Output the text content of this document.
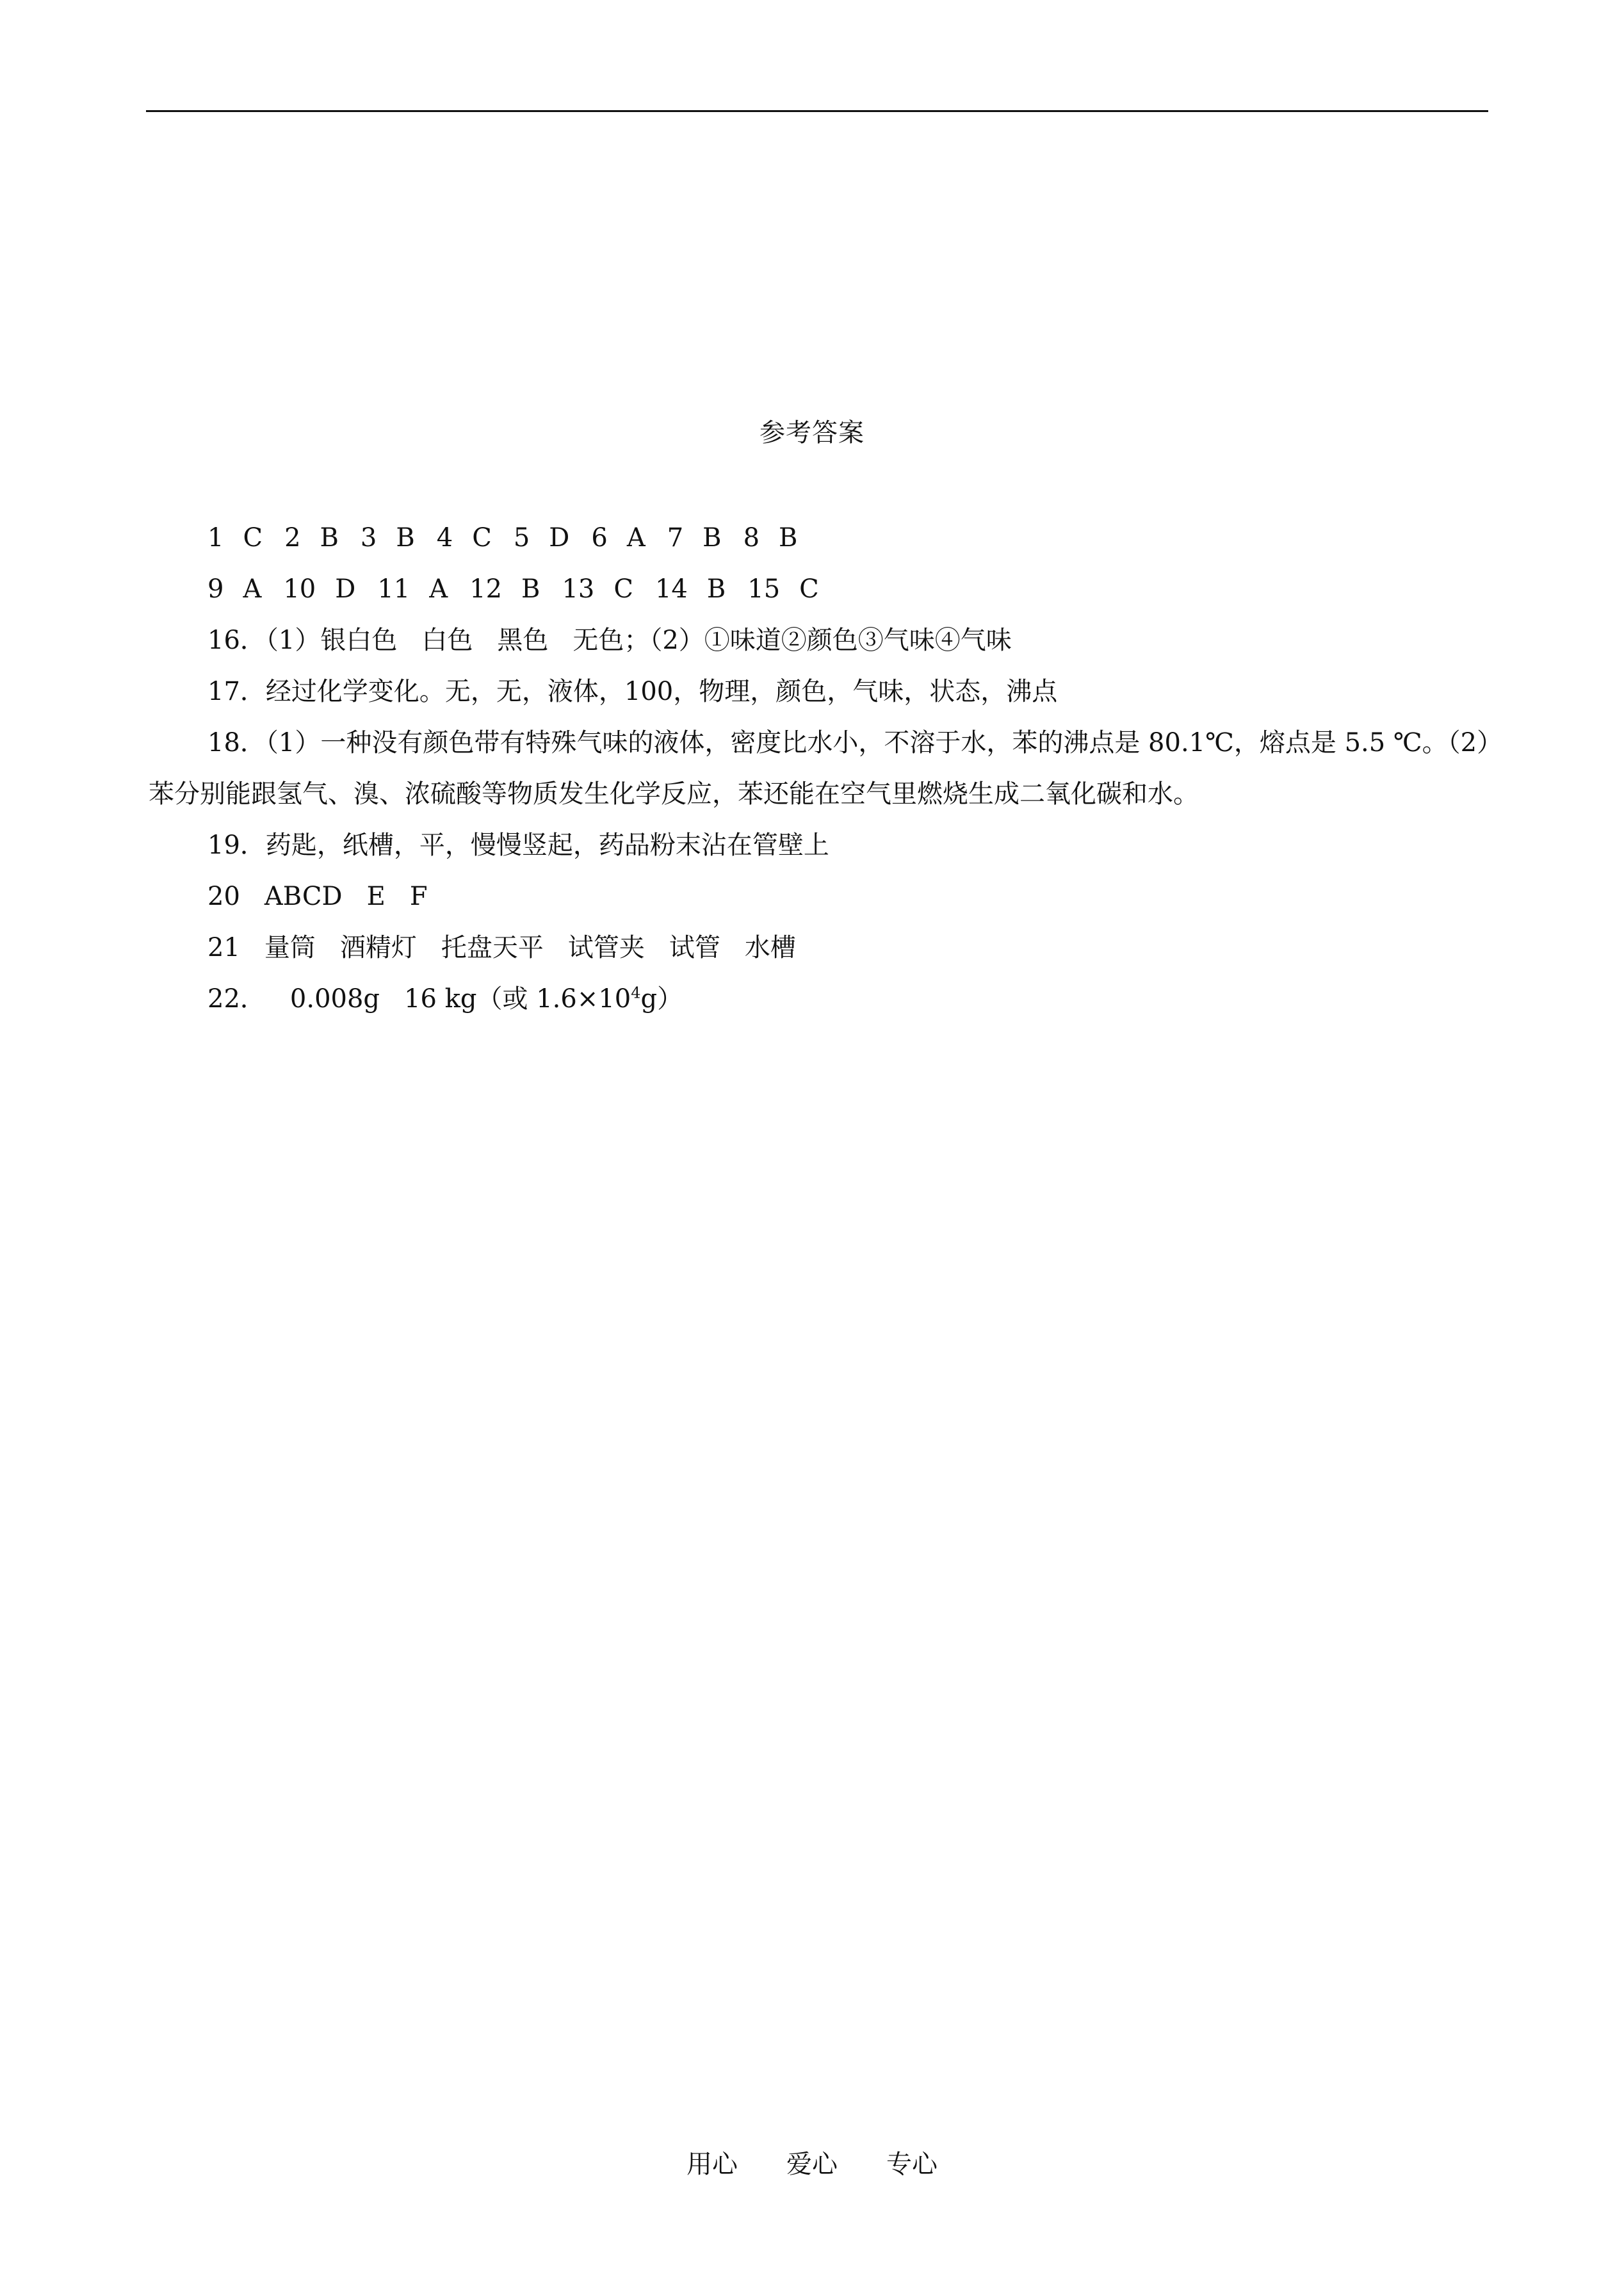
参考答案
1 C 2 B 3 B 4 C 5 D 6 A 7 B 8 B
9 A 10 D 11 A 12 B 13 C 14 B 15 C
16．（1）银白色 白色 黑色 无色；（2）①味道②颜色③气味④气味
17．经过化学变化。无，无，液体，100，物理，颜色，气味，状态，沸点
18．（1）一种没有颜色带有特殊气味的液体，密度比水小，不溶于水，苯的沸点是 80.1℃，熔点是 5.5 ℃。（2）苯分别能跟氢气、溴、浓硫酸等物质发生化学反应，苯还能在空气里燃烧生成二氧化碳和水。
19．药匙，纸槽，平，慢慢竖起，药品粉末沾在管壁上
20 ABCD E F
21 量筒 酒精灯 托盘天平 试管夹 试管 水槽
22． 0.008g 16 kg（或 $1.6\times 10^4g$）
用心 爱心 专心
